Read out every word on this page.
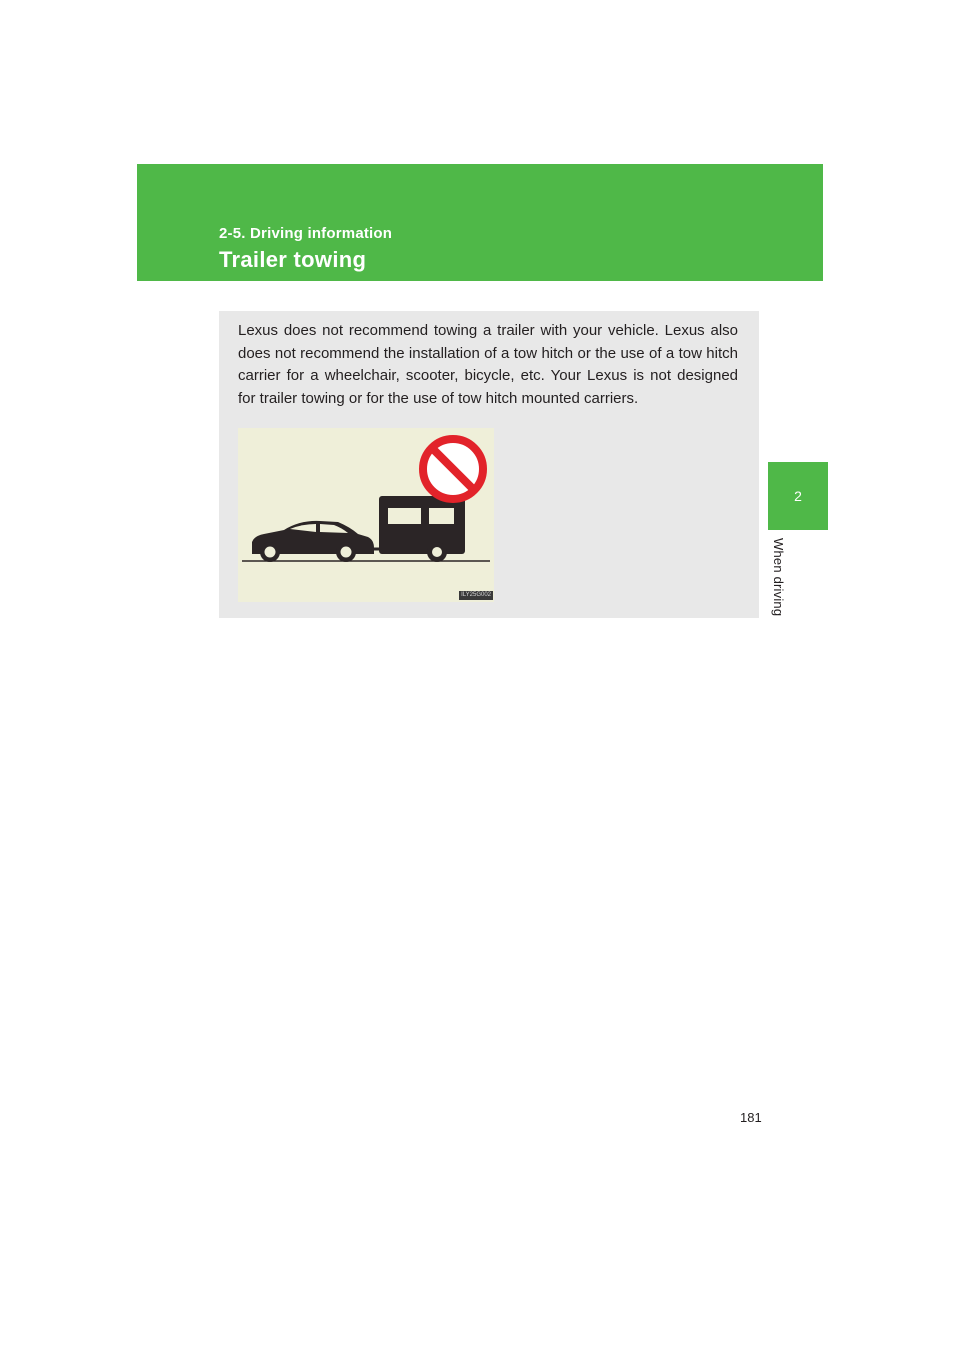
2-5. Driving information
Trailer towing
2
When driving

Lexus does not recommend towing a trailer with your vehicle. Lexus also does not recommend the installation of a tow hitch or the use of a tow hitch carrier for a wheelchair, scooter, bicycle, etc. Your Lexus is not designed for trailer towing or for the use of tow hitch mounted carriers.

ILY25G002
181
